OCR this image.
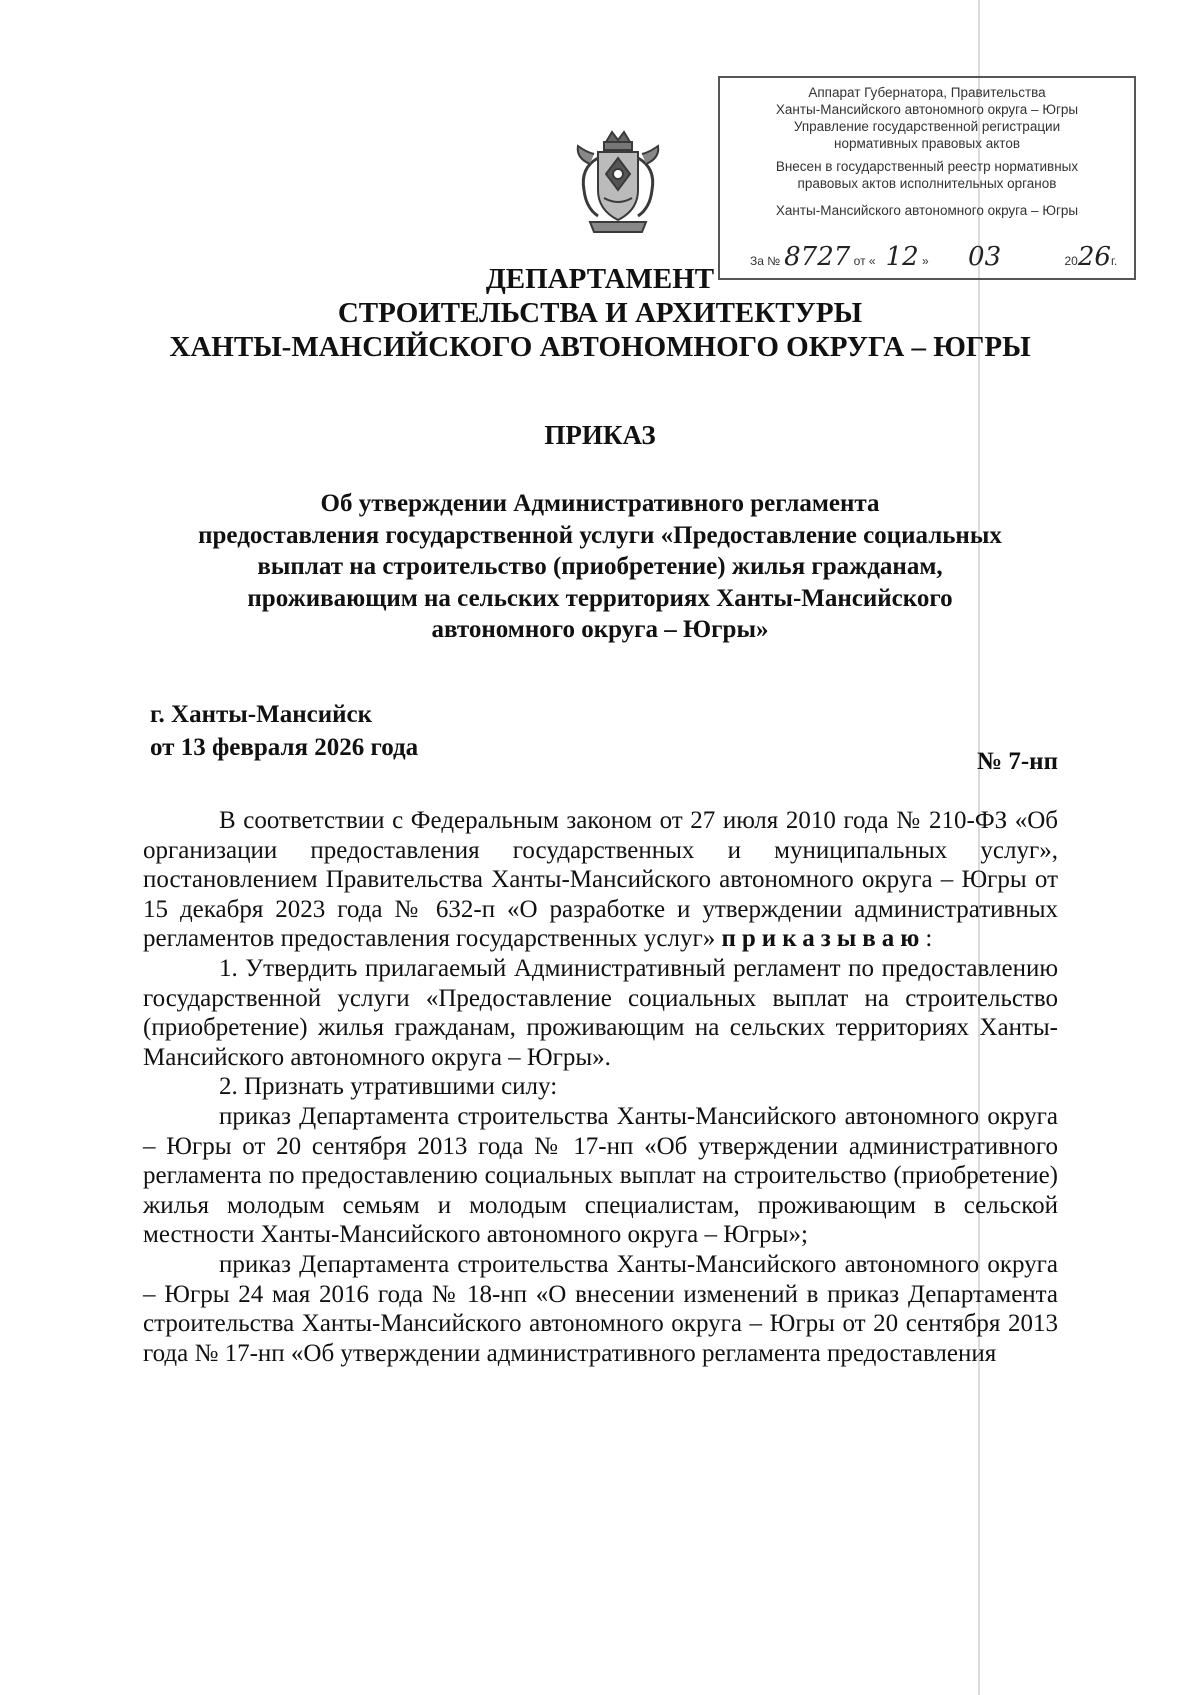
Аппарат Губернатора, Правительства
Ханты-Мансийского автономного округа – Югры
Управление государственной регистрации
нормативных правовых актов
Внесен в государственный реестр нормативных
правовых актов исполнительных органов
Ханты-Мансийского автономного округа – Югры
За № 8727 от « 12 » 03	2026г.
ДЕПАРТАМЕНТ
СТРОИТЕЛЬСТВА И АРХИТЕКТУРЫ
ХАНТЫ-МАНСИЙСКОГО АВТОНОМНОГО ОКРУГА – ЮГРЫ
ПРИКАЗ
Об утверждении Административного регламента
предоставления государственной услуги «Предоставление социальных
выплат на строительство (приобретение) жилья гражданам,
проживающим на сельских территориях Ханты-Мансийского
автономного округа – Югры»
г. Ханты-Мансийск
от 13 февраля 2026 года
№ 7-нп

В соответствии с Федеральным законом от 27 июля 2010 года № 210-ФЗ «Об организации предоставления государственных и муниципальных услуг», постановлением Правительства Ханты-Мансийского автономного округа – Югры от 15 декабря 2023 года № 632-п «О разработке и утверждении административных регламентов предоставления государственных услуг» приказываю:

1. Утвердить прилагаемый Административный регламент по предоставлению государственной услуги «Предоставление социальных выплат на строительство (приобретение) жилья гражданам, проживающим на сельских территориях Ханты-Мансийского автономного округа – Югры».

2. Признать утратившими силу:

приказ Департамента строительства Ханты-Мансийского автономного округа – Югры от 20 сентября 2013 года № 17-нп «Об утверждении административного регламента по предоставлению социальных выплат на строительство (приобретение) жилья молодым семьям и молодым специалистам, проживающим в сельской местности Ханты-Мансийского автономного округа – Югры»;

приказ Департамента строительства Ханты-Мансийского автономного округа – Югры 24 мая 2016 года № 18-нп «О внесении изменений в приказ Департамента строительства Ханты-Мансийского автономного округа – Югры от 20 сентября 2013 года № 17-нп «Об утверждении административного регламента предоставления
